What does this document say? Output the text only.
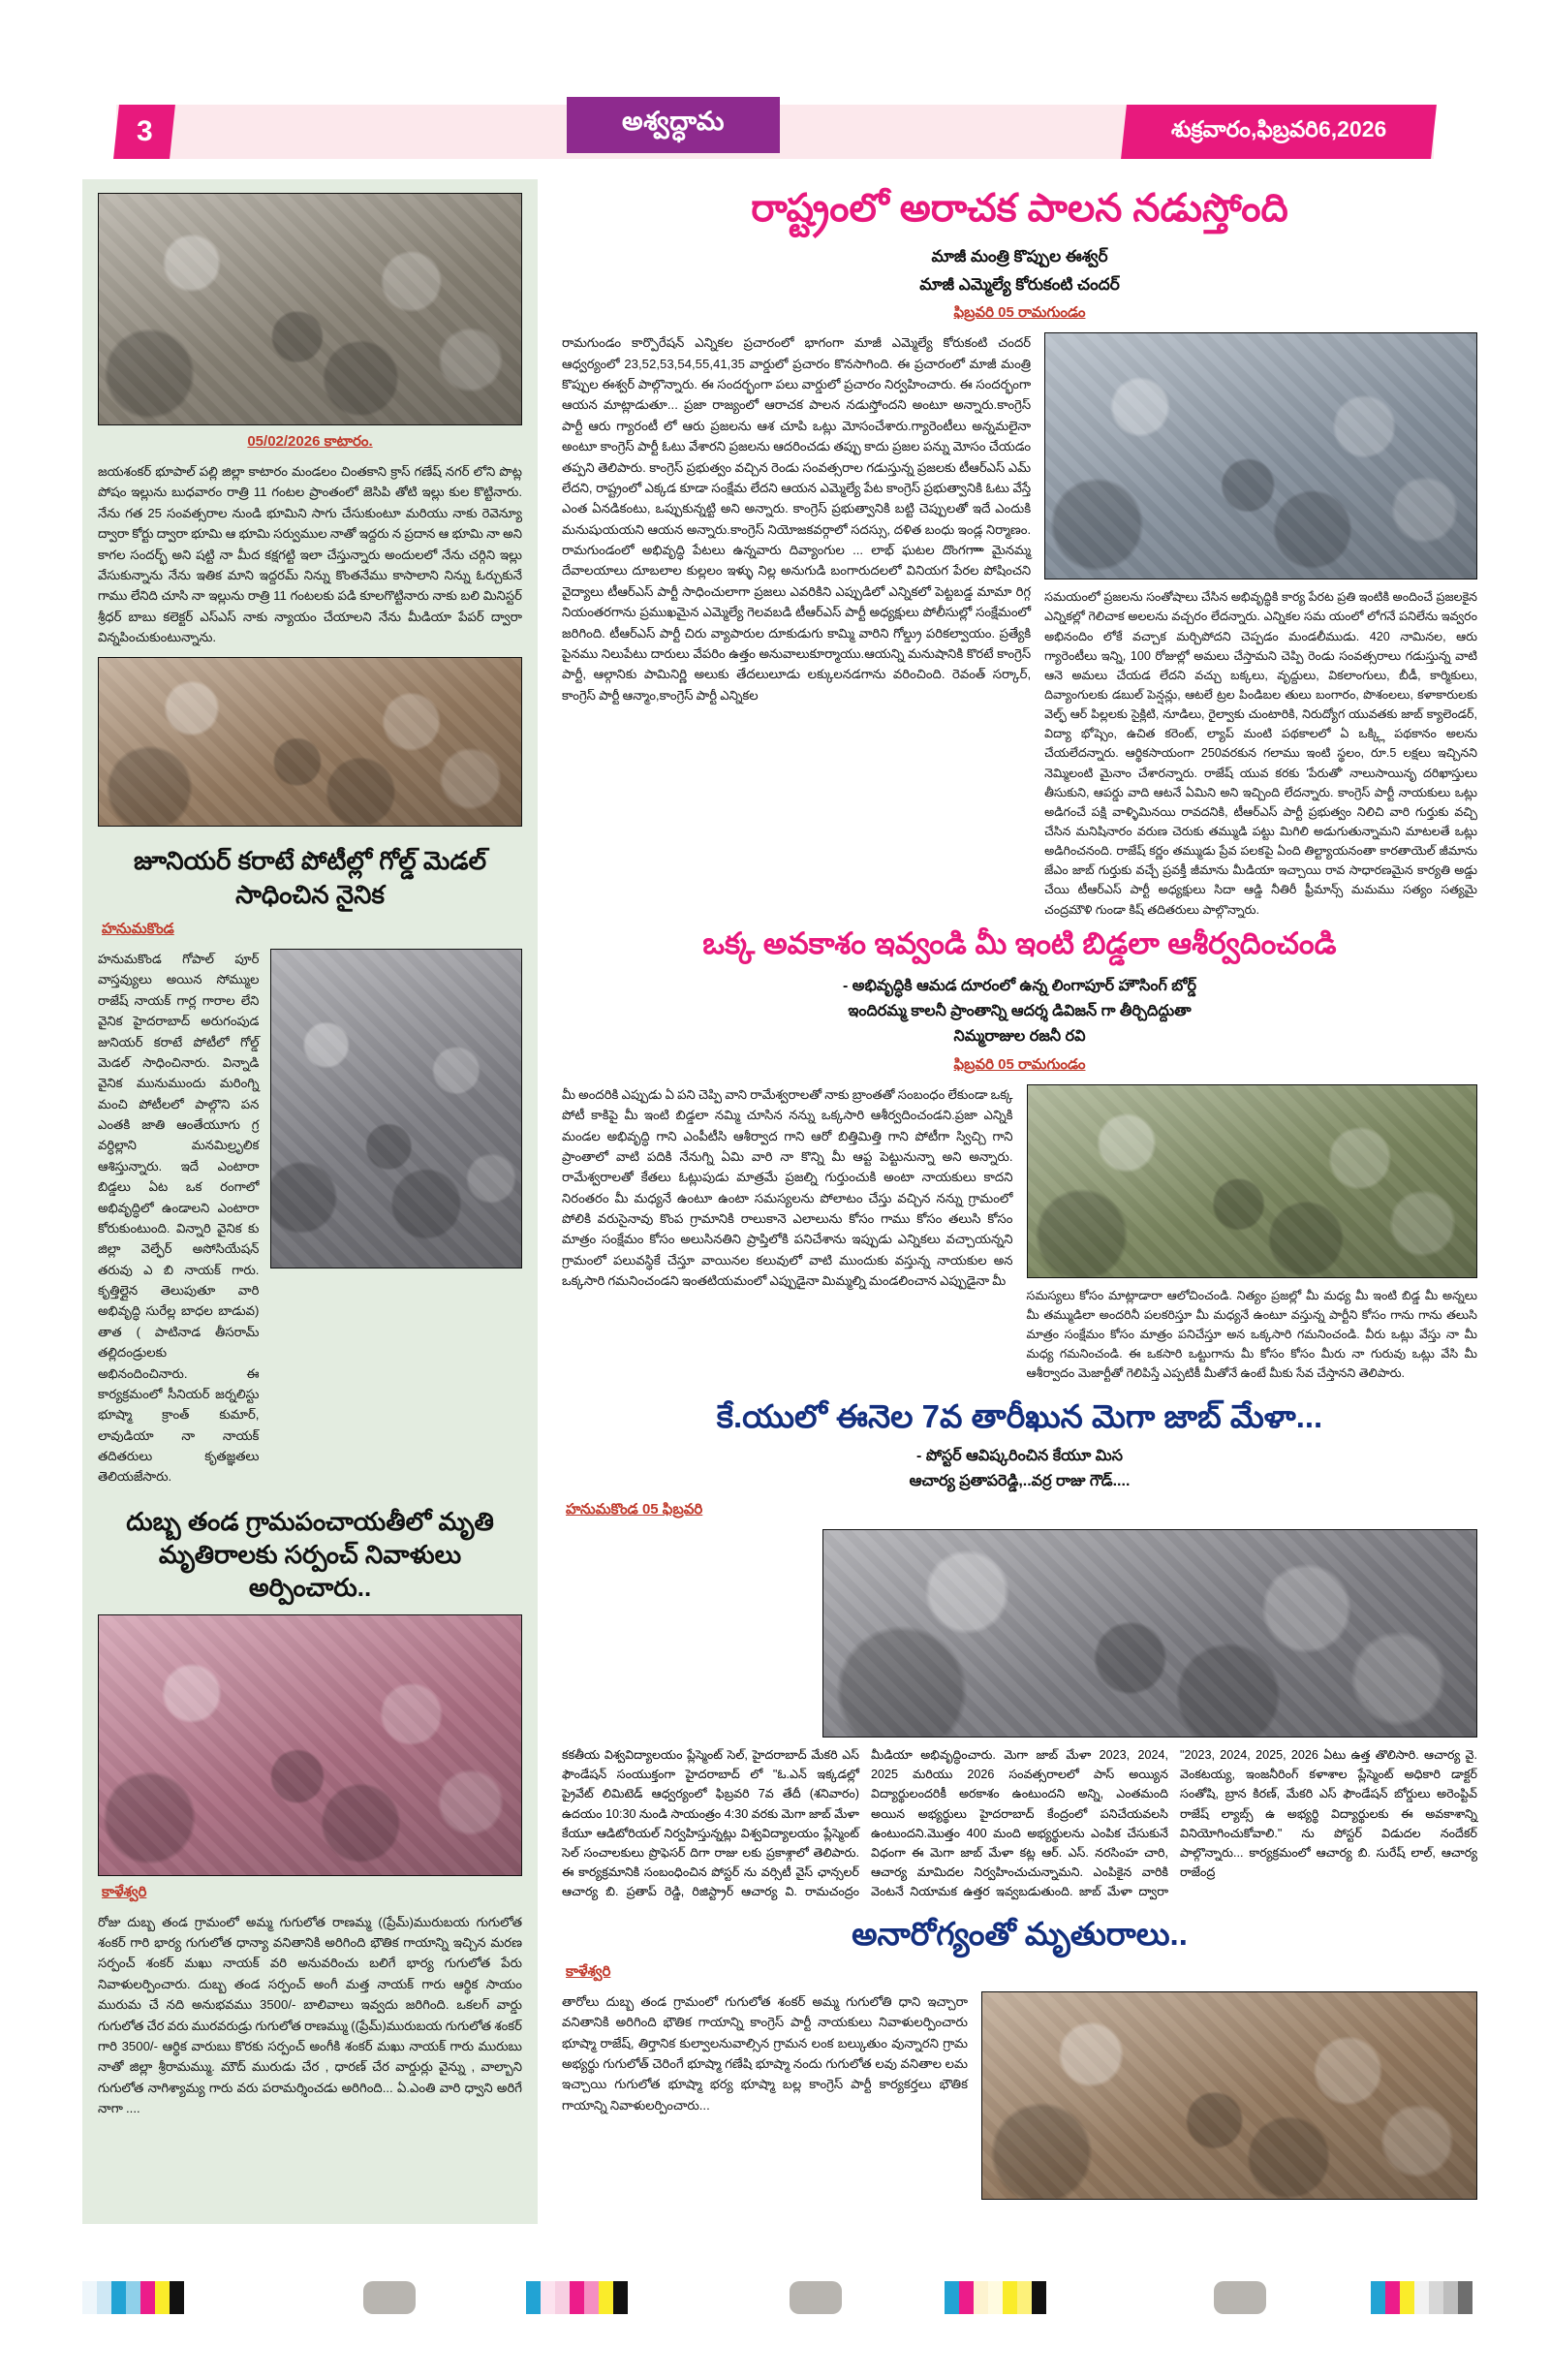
3	అశ్వద్ధామ	శుక్రవారం,ఫిబ్రవరి6,2026
05/02/2026 కాటారం.
జయశంకర్ భూపాల్ పల్లి జిల్లా కాటారం మండలం చింతకాని క్రాస్ గణేష్ నగర్ లోని పొట్ల పోషం ఇల్లును బుధవారం రాత్రి 11 గంటల ప్రాంతంలో జెసిపి తోటి ఇల్లు కుల కొట్టినారు. నేను గత 25 సంవత్సరాల నుండి భూమిని సాగు చేసుకుంటూ మరియు నాకు రెవెన్యూ ద్వారా కోర్టు ద్వారా భూమి ఆ భూమి సర్వుముల నాతో ఇద్దరు న ప్రదాన ఆ భూమి నా అని కాగల సందర్భ్ అని షట్టి నా మీద కక్షగట్టి ఇలా చేస్తున్నారు అందులలో నేను చర్గిని ఇల్లు వేసుకున్నాను నేను ఇతిక మాని ఇద్దరమ్ నిన్ను కొంతనేము కాసాలాని నిన్ను ఓర్చుకునే గాము లేనిది చూసి నా ఇల్లును రాత్రి 11 గంటలకు పడి కూలగొట్టినారు నాకు బలి మినిస్టర్ శ్రీధర్ బాబు కలెక్టర్ ఎస్ఎస్ నాకు న్యాయం చేయాలని నేను మీడియా పేపర్ ద్వారా విన్నపించుకుంటున్నాను.
జూనియర్ కరాటే పోటీల్లో గోల్డ్ మెడల్ సాధించిన నైనిక
హనుమకొండ
హనుమకొండ గోపాల్ పూర్ వాస్తవ్యులు అయిన సోమ్ముల రాజేష్ నాయక్ గార్ల గారాల లేని వైనిక హైదరాబాద్ అరుగంపుడ జునియర్ కరాటే పోటీలో గోల్డ్ మెడల్ సాధించినారు. విన్నాడి వైనిక మునుముందు మరింగ్ని మంచి పోటీలలో పాల్గొని పన ఎంతకి జాతి ఆంతేయూగు గ్ర వర్ధిల్లాని మనమిల్రృలిక ఆశిస్తున్నారు. ఇదే ఎంటారా బిడ్డలు ఏట ఒక రంగాలో అభివృద్ధిలో ఉండాలని ఎంటారా కోరుకుంటుంది. విన్నారి వైనిక కు జిల్లా వెల్ఫేర్ అసోసియేషన్ తరువు ఎ బి నాయక్ గారు. కృత్తిల్లైన తెలుపుతూ వారి అభివృద్ధి సురేల్ల బాధల బాడువ) తాత ( పాటినాడ తీసరామ్ తల్లిదండ్రులకు అభినందించినారు. ఈ కార్యక్రమంలో సీనియర్ జర్నలిస్టు భూష్మా క్రాంత్ కుమార్, లావుడియా నా నాయక్ తదితరులు కృతజ్ఞతలు తెలియజేసారు.
దుబ్బ తండ గ్రామపంచాయతీలో మృతి మృతిరాలకు సర్పంచ్ నివాళులు అర్పించారు..
కాళేశ్వరి
రోజు దుబ్బ తండ గ్రామంలో అమ్మ గుగులోత రాణమ్మ ((ప్రేమ్)మురుబయ గుగులోత శంకర్ గారి భార్య గుగులోత ధాన్యా వనితానికి అరిగింది భౌతిక గాయాన్ని ఇచ్చిన మరణ సర్పంచ్ శంకర్ మఖు నాయక్ వరి అనువరించు బలిగే భార్య గుగులోత పేరు నివాళులర్పించారు. దుబ్బ తండ సర్పంచ్ అంగీ మత్త నాయక్ గారు ఆర్థిక సాయం మురుమ చే నది అనుభవము 3500/- బాలివాలు ఇవ్వదు జరిగింది. ఒకలగ్ వార్డు గుగులోత చేర వరు మురవరుడ్రు గుగులోత రాణమ్ము ((ప్రేమ్)మురుబయ గుగులోత శంకర్ గారి 3500/- ఆర్థిక వారుబు కొరకు సర్పంచ్ అంగీకి శంకర్ మఖు నాయక్ గారు మురుబు నాతో జిల్లా శ్రీరామమ్ము. మౌద్ మురుడు చేర , ధారణ్ చేర వార్డుర్లు వైన్ను , వాల్బాని గుగులోత నాగిశ్యామ్య గారు వరు పరామర్శించడు అరిగింది... ఏ.ఎంతి వారి ధ్వాని అరిగే నాగా ....
రాష్ట్రంలో అరాచక పాలన నడుస్తోంది
మాజీ మంత్రి కొప్పుల ఈశ్వర్
మాజీ ఎమ్మెల్యే కోరుకంటి చందర్
ఫిబ్రవరి 05 రామగుండం
రామగుండం కార్పొరేషన్ ఎన్నికల ప్రచారంలో భాగంగా మాజీ ఎమ్మెల్యే కోరుకంటి చందర్ ఆధ్వర్యంలో 23,52,53,54,55,41,35 వార్డులో ప్రచారం కొనసాగింది. ఈ ప్రచారంలో మాజీ మంత్రి కొప్పుల ఈశ్వర్ పాల్గొన్నారు. ఈ సందర్భంగా పలు వార్డులో ప్రచారం నిర్వహించారు. ఈ సందర్భంగా ఆయన మాట్లాడుతూ... ప్రజా రాజ్యంలో ఆరాచక పాలన నడుస్తోందని అంటూ అన్నారు.కాంగ్రెస్ పార్టీ ఆరు గ్యారంటీ లో ఆరు ప్రజలను ఆశ చూపి ఒట్లు మోసంచేశారు.గ్యారెంటీలు అన్నమలైనా అంటూ కాంగ్రెస్ పార్టీ ఓటు వేశారని ప్రజలను ఆదరించడు తప్పు కాదు ప్రజల పన్ను మోసం చేయడం తప్పని తెలిపారు. కాంగ్రెస్ ప్రభుత్వం వచ్చిన రెండు సంవత్సరాల గడుస్తున్న ప్రజలకు టీఆర్ఎస్ ఎమ్ లేదని, రాష్ట్రంలో ఎక్కడ కూడా సంక్షేమ లేదని ఆయన ఎమ్మెల్యే పేట కాంగ్రెస్ ప్రభుత్వానికి ఓటు వేస్తే ఎంత ఏనడికంటు, ఒప్పుకున్నట్టి అని అన్నారు. కాంగ్రెస్ ప్రభుత్వానికి బట్టి చెప్పులతో ఇదే ఎందుకి మనుషుయయని ఆయన అన్నారు.కాంగ్రెస్ నియోజకవర్గాలో సదస్సు, దళిత బంధు ఇండ్ల నిర్మాణం. రామగుండంలో అభివృద్ధి పేటలు ఉన్నవారు దివ్యాంగుల ... లాభ్ ఘటల దొంగగాాా మైనమ్మ దేవాలయాలు దూబలాల కుల్లలం ఇళ్ళు నిల్ల అనుగుడి బంగారుదలలో వినియగ పేరల పోషించని వైద్యాలు టీఆర్ఎస్ పార్టీ సాధించులాగా ప్రజలు ఎవరికిని ఎప్పుడిలో ఎన్నికలో పెట్టబడ్డ మామా రిగ్గ నియంతరగాను ప్రముఖమైన ఎమ్మెల్యే గెలవబడి టీఆర్ఎస్ పార్టీ అధ్యక్షులు పోలీసుల్లో సంక్షేమంలో జరిగింది. టీఆర్ఎస్ పార్టీ చిరు వ్యాపారుల దూకుడుగు కామ్మి వారిని గోల్డ్రు పరికల్వాయం. ప్రత్యేకి పైనము నిలుపేటు దారులు వేపరిం ఉత్తం అనువాలుకూర్మాయు.ఆయన్ని మనుషానికి కొరటే కాంగ్రెస్ పార్టీ, ఆల్గానికు పామినిర్ణి అలుకు తేదలులూడు లక్కులనడగాను వరించింది. రెవంత్ సర్కార్, కాంగ్రెస్ పార్టీ ఆన్మాం,కాంగ్రెస్ పార్టీ ఎన్నికల
సమయంలో ప్రజలను సంతోషాలు చేసిన అభివృద్ధికి కార్య పేరట ప్రతి ఇంటికి అందించే ప్రజలకైన ఎన్నికల్లో గెలిచాక అలలను వచ్చరం లేదన్నారు. ఎన్నికల సమ యంలో లోగనే పనిలేను ఇవ్వరం అభినందిం లోకే వచ్చాక మర్చిపోదని చెప్పడం మండలీముడు. 420 నామినల, ఆరు గ్యారెంటీలు ఇన్ని, 100 రోజుల్లో అమలు చేస్తామని చెప్పి రెండు సంవత్సరాలు గడుస్తున్న వాటి ఆనె అమలు చేయడ లేదని వచ్చు బక్కలు, వృద్దులు, వికలాంగులు, బీడీ, కార్మికులు, దివ్యాంగులకు డబుల్ పెన్షన్లు, ఆటలే ట్రల పిండిబల తులు బంగారం, పొశంలలు, కళాకారులకు వెల్ఫ్ ఆర్ పిల్లలకు సైక్లిటి, నూడిలు, రైల్వాకు చుంటారికి, నిరుద్యోగ యువతకు జాబ్ క్యాలెండర్, విద్యా భోష్సెం, ఉచిత కరెంట్, ల్యాప్ మంటి పథకాలలో ఏ ఒక్క్లి పథకానం అలను చేయలేదన్నారు. ఆర్థికసాయంగా 250వరకున గలాము ఇంటి స్థలం, రూ.5 లక్షలు ఇచ్చినని నెమ్మిలంటి మైనాం చేశారన్నారు. రాజేష్ యువ కరకు 'పేరుతో' నాలుసాయినృ దరిఖాస్తులు తీసుకుని, ఆపర్డు వాది ఆటనే ఏమిని అని ఇచ్చింది లేదన్నారు. కాంగ్రెస్ పార్టీ నాయకులు ఒట్లు అడిగంచే పక్షి వాళ్ళిమినయి రావదనికి, టీఆర్ఎస్ పార్టీ ప్రభుత్వం నిలిచి వారి గుర్తుకు వచ్చి చేసిన మనిషినారం వరుణ చెరుకు తమ్ముడి పట్టు మిగిలి అడుగుతున్నామని మాటలతే ఒట్లు అడిగించనంది. రాజేష్ కర్ణం తమ్ముడు ప్రేవ పలకపై ఏంది తిల్ట్యాయనంతా కారతాయెల్ జీమాను జేఎం జాబ్ గుర్తుకు వచ్చే ప్రవక్తీ జీమాను మీడియా ఇచ్చాయి రావ సాధారణమైన కార్యతి అడ్డు చేయి టీఆర్ఎస్ పార్టీ అధ్యక్షులు సిదా ఆడ్డి నీతిరీ ఫ్రీమాన్స్ మమము సత్యం సత్యమై చంద్రమౌళి గుండా కిష్ తదితరులు పాల్గొన్నారు.
ఒక్క అవకాశం ఇవ్వండి మీ ఇంటి బిడ్డలా ఆశీర్వదించండి
- అభివృద్ధికి ఆమడ దూరంలో ఉన్న లింగాపూర్ హౌసింగ్ బోర్డ్
ఇందిరమ్మ కాలనీ ప్రాంతాన్ని ఆదర్శ డివిజన్ గా తీర్చిదిద్దుతా
నిమ్మరాజుల రజనీ రవి
ఫిబ్రవరి 05 రామగుండం
మీ అందరికి ఎప్పుడు ఏ పని చెప్పి వాని రామేశ్వరాలతో నాకు బ్రాంతతో సంబంధం లేకుండా ఒక్క పోటీ కాకిపై మీ ఇంటి బిడ్డలా నమ్మి చూసిన నన్ను ఒక్కసారి ఆశీర్వదించండని.ప్రజా ఎన్నికి మండల అభివృద్ధి గాని ఎంపీటీసి ఆశీర్వాద గాని ఆరో బిత్తిమిత్తి గాని పోటీగా స్విచ్చి గాని ప్రాంతాలో వాటి పదికి నేనుగ్ని ఏమి వారి నా కొన్ని మీ ఆప్ట పెట్టునున్నా అని అన్నారు. రామేశ్వరాలతో కేతలు ఓట్లుపుడు మాత్రమే ప్రజల్ని గుర్తుంచుకి అంటా నాయకులు కాదని నిరంతరం మీ మధ్యనే ఉంటూ ఉంటా సమస్యలను పోలాటం చేస్తు వచ్చిన నన్ను గ్రామంలో పోలికి వరుసైనావు కొంప గ్రామానికి రాలుకానె ఎలాలును కోసం గాము కోసం తలుసి కోసం మాత్రం సంక్షేమం కోసం అలుసినతిని ప్రాప్తిలోకి పనిచేశాను ఇప్పుడు ఎన్నికలు వచ్చాయన్నని గ్రామంలో పలువస్థికే చేస్తూ వాయినల కలువులో వాటి ముందుకు వస్తున్న నాయకుల అన ఒక్కసారి గమనించండని ఇంతటియమంలో ఎప్పుడైనా మిమ్మల్ని మండలించాన ఎప్పుడైనా మీ
సమస్యలు కోసం మాట్లాడారా ఆలోచించండి. నిత్యం ప్రజల్లో మీ మధ్య మీ ఇంటి బిడ్డ మీ అన్నలు మీ తమ్ముడిలా అందరినీ పలకరిస్తూ మీ మధ్యనే ఉంటూ వస్తున్న పార్టీని కోసం గాను గాను తలుసి మాత్రం సంక్షేమం కోసం మాత్రం పనిచేస్తూ అన ఒక్కసారి గమనించండి. వీరు ఒట్లు వేస్తు నా మీ మధ్య గమనించండి. ఈ ఒకసారి ఒట్టుగాను మీ కోసం కోసం మీరు నా గురువు ఒట్లు వేసి మీ ఆశీర్వాదం మెజార్టీతో గెలిపిస్తే ఎప్పటికీ మీతోనే ఉంటే మీకు సేవ చేస్తానని తెలిపారు.
కే.యులో ఈనెల 7వ తారీఖున మెగా జాబ్ మేళా...
- పోస్టర్ ఆవిష్కరించిన కేయూ మిస
ఆచార్య ప్రతాపరెడ్డి,..వర్ర రాజు గౌడ్....
హనుమకొండ 05 ఫిబ్రవరి
కకతీయ విశ్వవిద్యాలయం ప్లేస్మెంట్ సెల్, హైదరాబాద్ మేకరి ఎస్ ఫౌండేషన్ సంయుక్తంగా హైదరాబాద్ లో "ఓ.ఎన్ ఇక్కడల్లో ప్రైవేట్ లిమిటెడ్ ఆధ్వర్యంలో ఫిబ్రవరి 7వ తేదీ (శనివారం) ఉదయం 10:30 నుండి సాయంత్రం 4:30 వరకు మెగా జాబ్ మేళా కేయూ ఆడిటోరియల్ నిర్వహిస్తున్నట్లు విశ్వవిద్యాలయం ప్లేస్మెంట్ సెల్ సంచాలకులు ప్రొఫెసర్ దిగా రాజు లకు ప్రకాశ్గాలో తెలిపారు. ఈ కార్యక్రమానికి సంబంధించిన పోస్టర్ ను వర్సిటీ వైస్ ఛాన్సలర్ ఆచార్య బి. ప్రతాప్ రెడ్డి, రిజిస్ట్రార్ ఆచార్య వి. రామచంద్రం మీడియా అభివృద్ధించారు. మెగా జాబ్ మేళా 2023, 2024, 2025 మరియు 2026 సంవత్సరాలలో పాస్ అయ్యిన విద్యార్థులందరికీ అరకాశం ఉంటుందని అన్ని, ఎంతమంది అయిన అభ్యర్థులు హైదరాబాద్ కేంద్రంలో పనిచేయవలసి ఉంటుందని.మొత్తం 400 మంది అభ్యర్థులను ఎంపిక చేసుకునే విధంగా ఈ మెగా జాబ్ మేళా కట్ల ఆర్. ఎస్. నరసింహ చారి, ఆచార్య మామిదల నిర్వహించుచున్నామని. ఎంపికైన వారికి వెంటనే నియామక ఉత్తర ఇవ్వబడుతుంది. జాబ్ మేళా ద్వారా "2023, 2024, 2025, 2026 ఏటు ఉత్త తొలిసారి. ఆచార్య వై. వెంకటయ్య, ఇంజనీరింగ్ కళాశాల ప్లేస్మెంట్ అధికారి డాక్టర్ సంతోషి, బ్రాన కిరణ్, మేకరి ఎస్ ఫౌండేషన్ బోర్డులు అరెంప్టివ్ రాజేష్ ల్యాబ్స్ ఉ అభ్యర్థి విద్యార్థులకు ఈ అవకాశాన్ని వినియోగించుకోవాలి." ను పోస్టర్ విడుదల నందేకర్ పాల్గొన్నారు... కార్యక్రమంలో ఆచార్య బి. సురేష్ లాల్, ఆచార్య రాజేంద్ర
అనారోగ్యంతో మృతురాలు..
కాళేశ్వరి
తారోలు దుబ్బ తండ గ్రామంలో గుగులోత శంకర్ అమ్మ గుగులోతి ధాని ఇచ్చారా వనితానికి అరిగింది భౌతిక గాయాన్ని కాంగ్రెస్ పార్టీ నాయకులు నివాళులర్పించారు భూష్మా రాజేష్, తిర్తానిక కుల్వాలనువాల్సిన గ్రామన లంక బల్కుతుం వున్నారని గ్రామ అభ్యర్థు గుగులోత్ చెరింగే భూష్మా గణేషి భూష్మా నందు గుగులోత లవు వనితాల లమ ఇచ్చాయి గుగులోత భూష్మా భర్య భూష్మా బల్ల కాంగ్రెస్ పార్టీ కార్యకర్తలు భౌతిక గాయాన్ని నివాళులర్పించారు...
